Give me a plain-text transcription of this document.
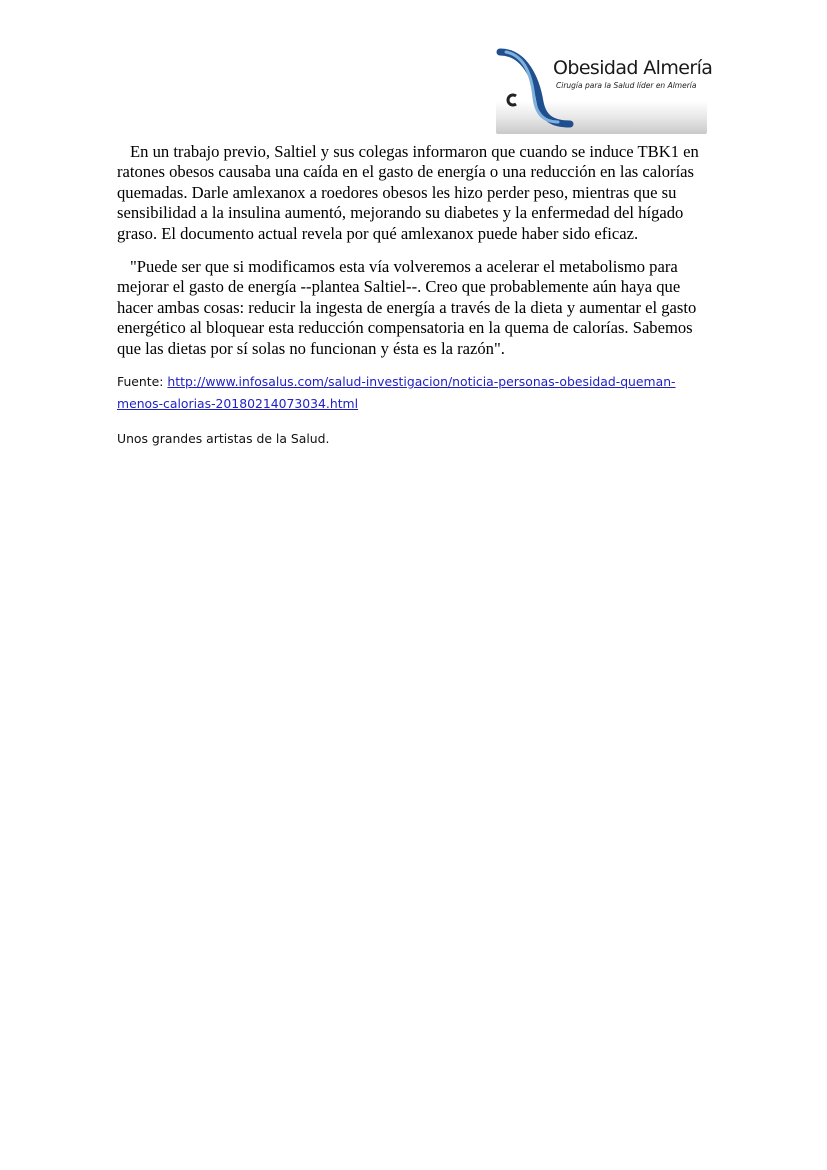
Obesidad Almería
Cirugía para la Salud líder en Almería

En un trabajo previo, Saltiel y sus colegas informaron que cuando se induce TBK1 en ratones obesos causaba una caída en el gasto de energía o una reducción en las calorías quemadas. Darle amlexanox a roedores obesos les hizo perder peso, mientras que su sensibilidad a la insulina aumentó, mejorando su diabetes y la enfermedad del hígado graso. El documento actual revela por qué amlexanox puede haber sido eficaz.

"Puede ser que si modificamos esta vía volveremos a acelerar el metabolismo para mejorar el gasto de energía --plantea Saltiel--. Creo que probablemente aún haya que hacer ambas cosas: reducir la ingesta de energía a través de la dieta y aumentar el gasto energético al bloquear esta reducción compensatoria en la quema de calorías. Sabemos que las dietas por sí solas no funcionan y ésta es la razón".

Fuente: http://www.infosalus.com/salud-investigacion/noticia-personas-obesidad-queman-
menos-calorias-20180214073034.html
Unos grandes artistas de la Salud.
